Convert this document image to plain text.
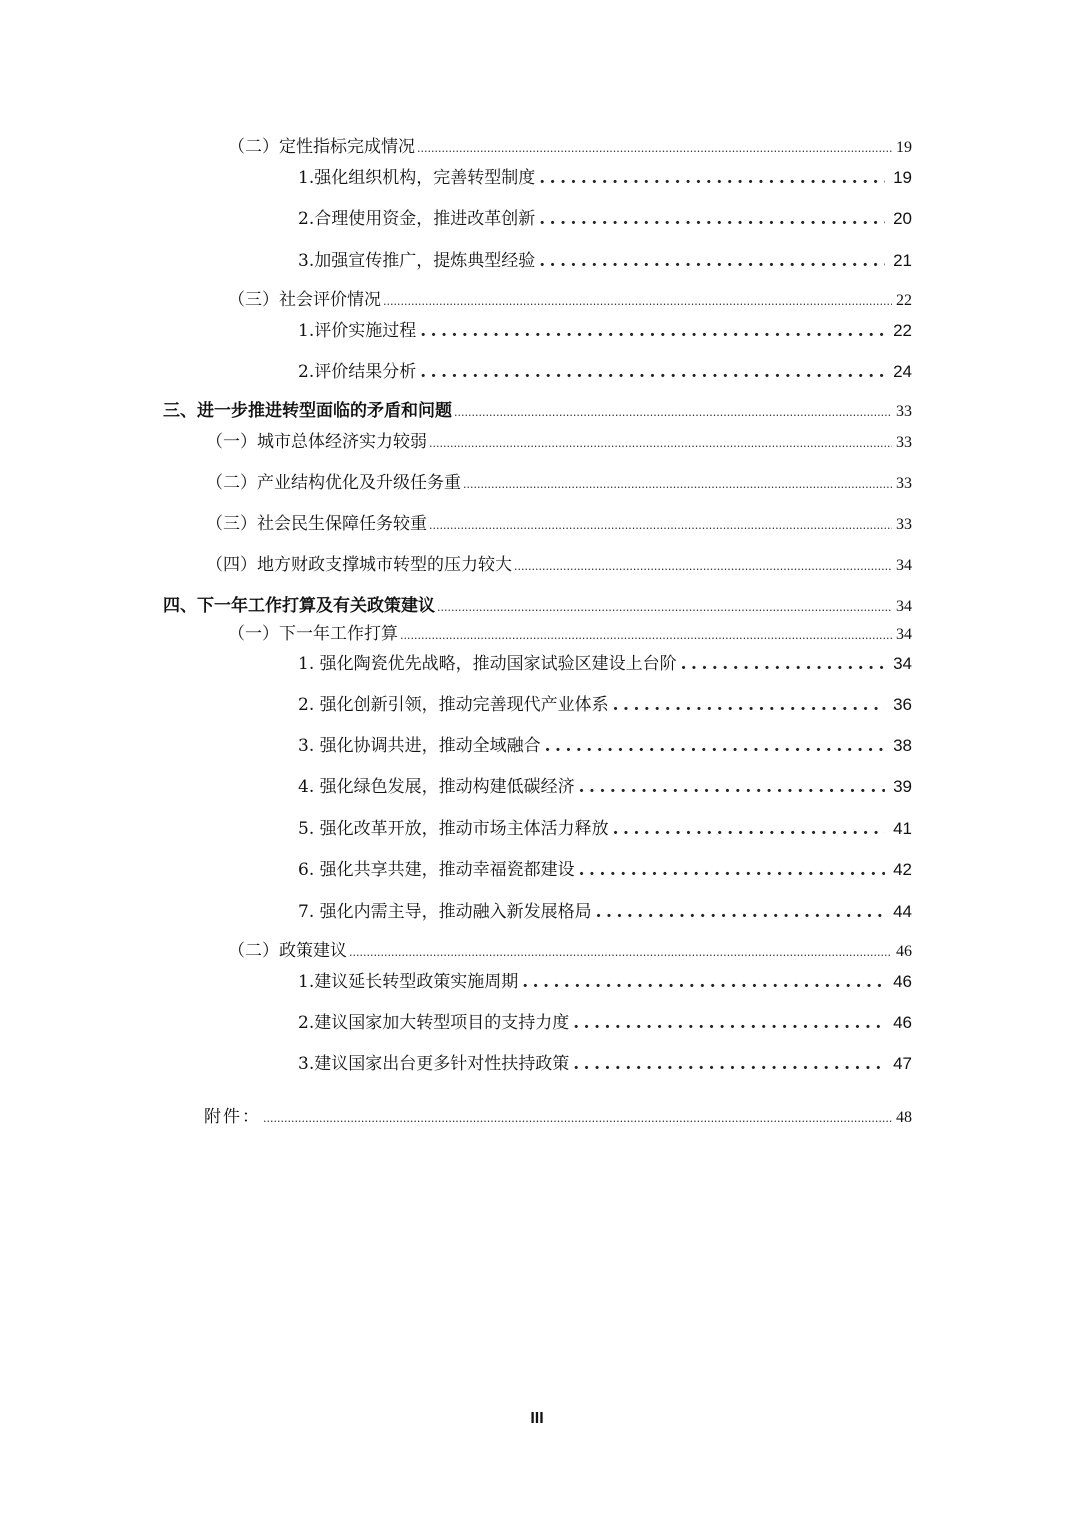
（二）定性指标完成情况 .....	19
1.强化组织机构，完善转型制度 .....	19
2.合理使用资金，推进改革创新 .....	20
3.加强宣传推广，提炼典型经验 .....	21
（三）社会评价情况 .....	22
1.评价实施过程 .....	22
2.评价结果分析 .....	24
三、进一步推进转型面临的矛盾和问题 .....	33
（一）城市总体经济实力较弱 .....	33
（二）产业结构优化及升级任务重 .....	33
（三）社会民生保障任务较重 .....	33
（四）地方财政支撑城市转型的压力较大 .....	34
四、下一年工作打算及有关政策建议 .....	34
（一）下一年工作打算 .....	34
1. 强化陶瓷优先战略，推动国家试验区建设上台阶 .....	34
2. 强化创新引领，推动完善现代产业体系 .....	36
3. 强化协调共进，推动全域融合 .....	38
4. 强化绿色发展，推动构建低碳经济 .....	39
5. 强化改革开放，推动市场主体活力释放 .....	41
6. 强化共享共建，推动幸福瓷都建设 .....	42
7. 强化内需主导，推动融入新发展格局 .....	44
（二）政策建议 .....	46
1.建议延长转型政策实施周期 .....	46
2.建议国家加大转型项目的支持力度 .....	46
3.建议国家出台更多针对性扶持政策 .....	47
附件： .....	48
III
